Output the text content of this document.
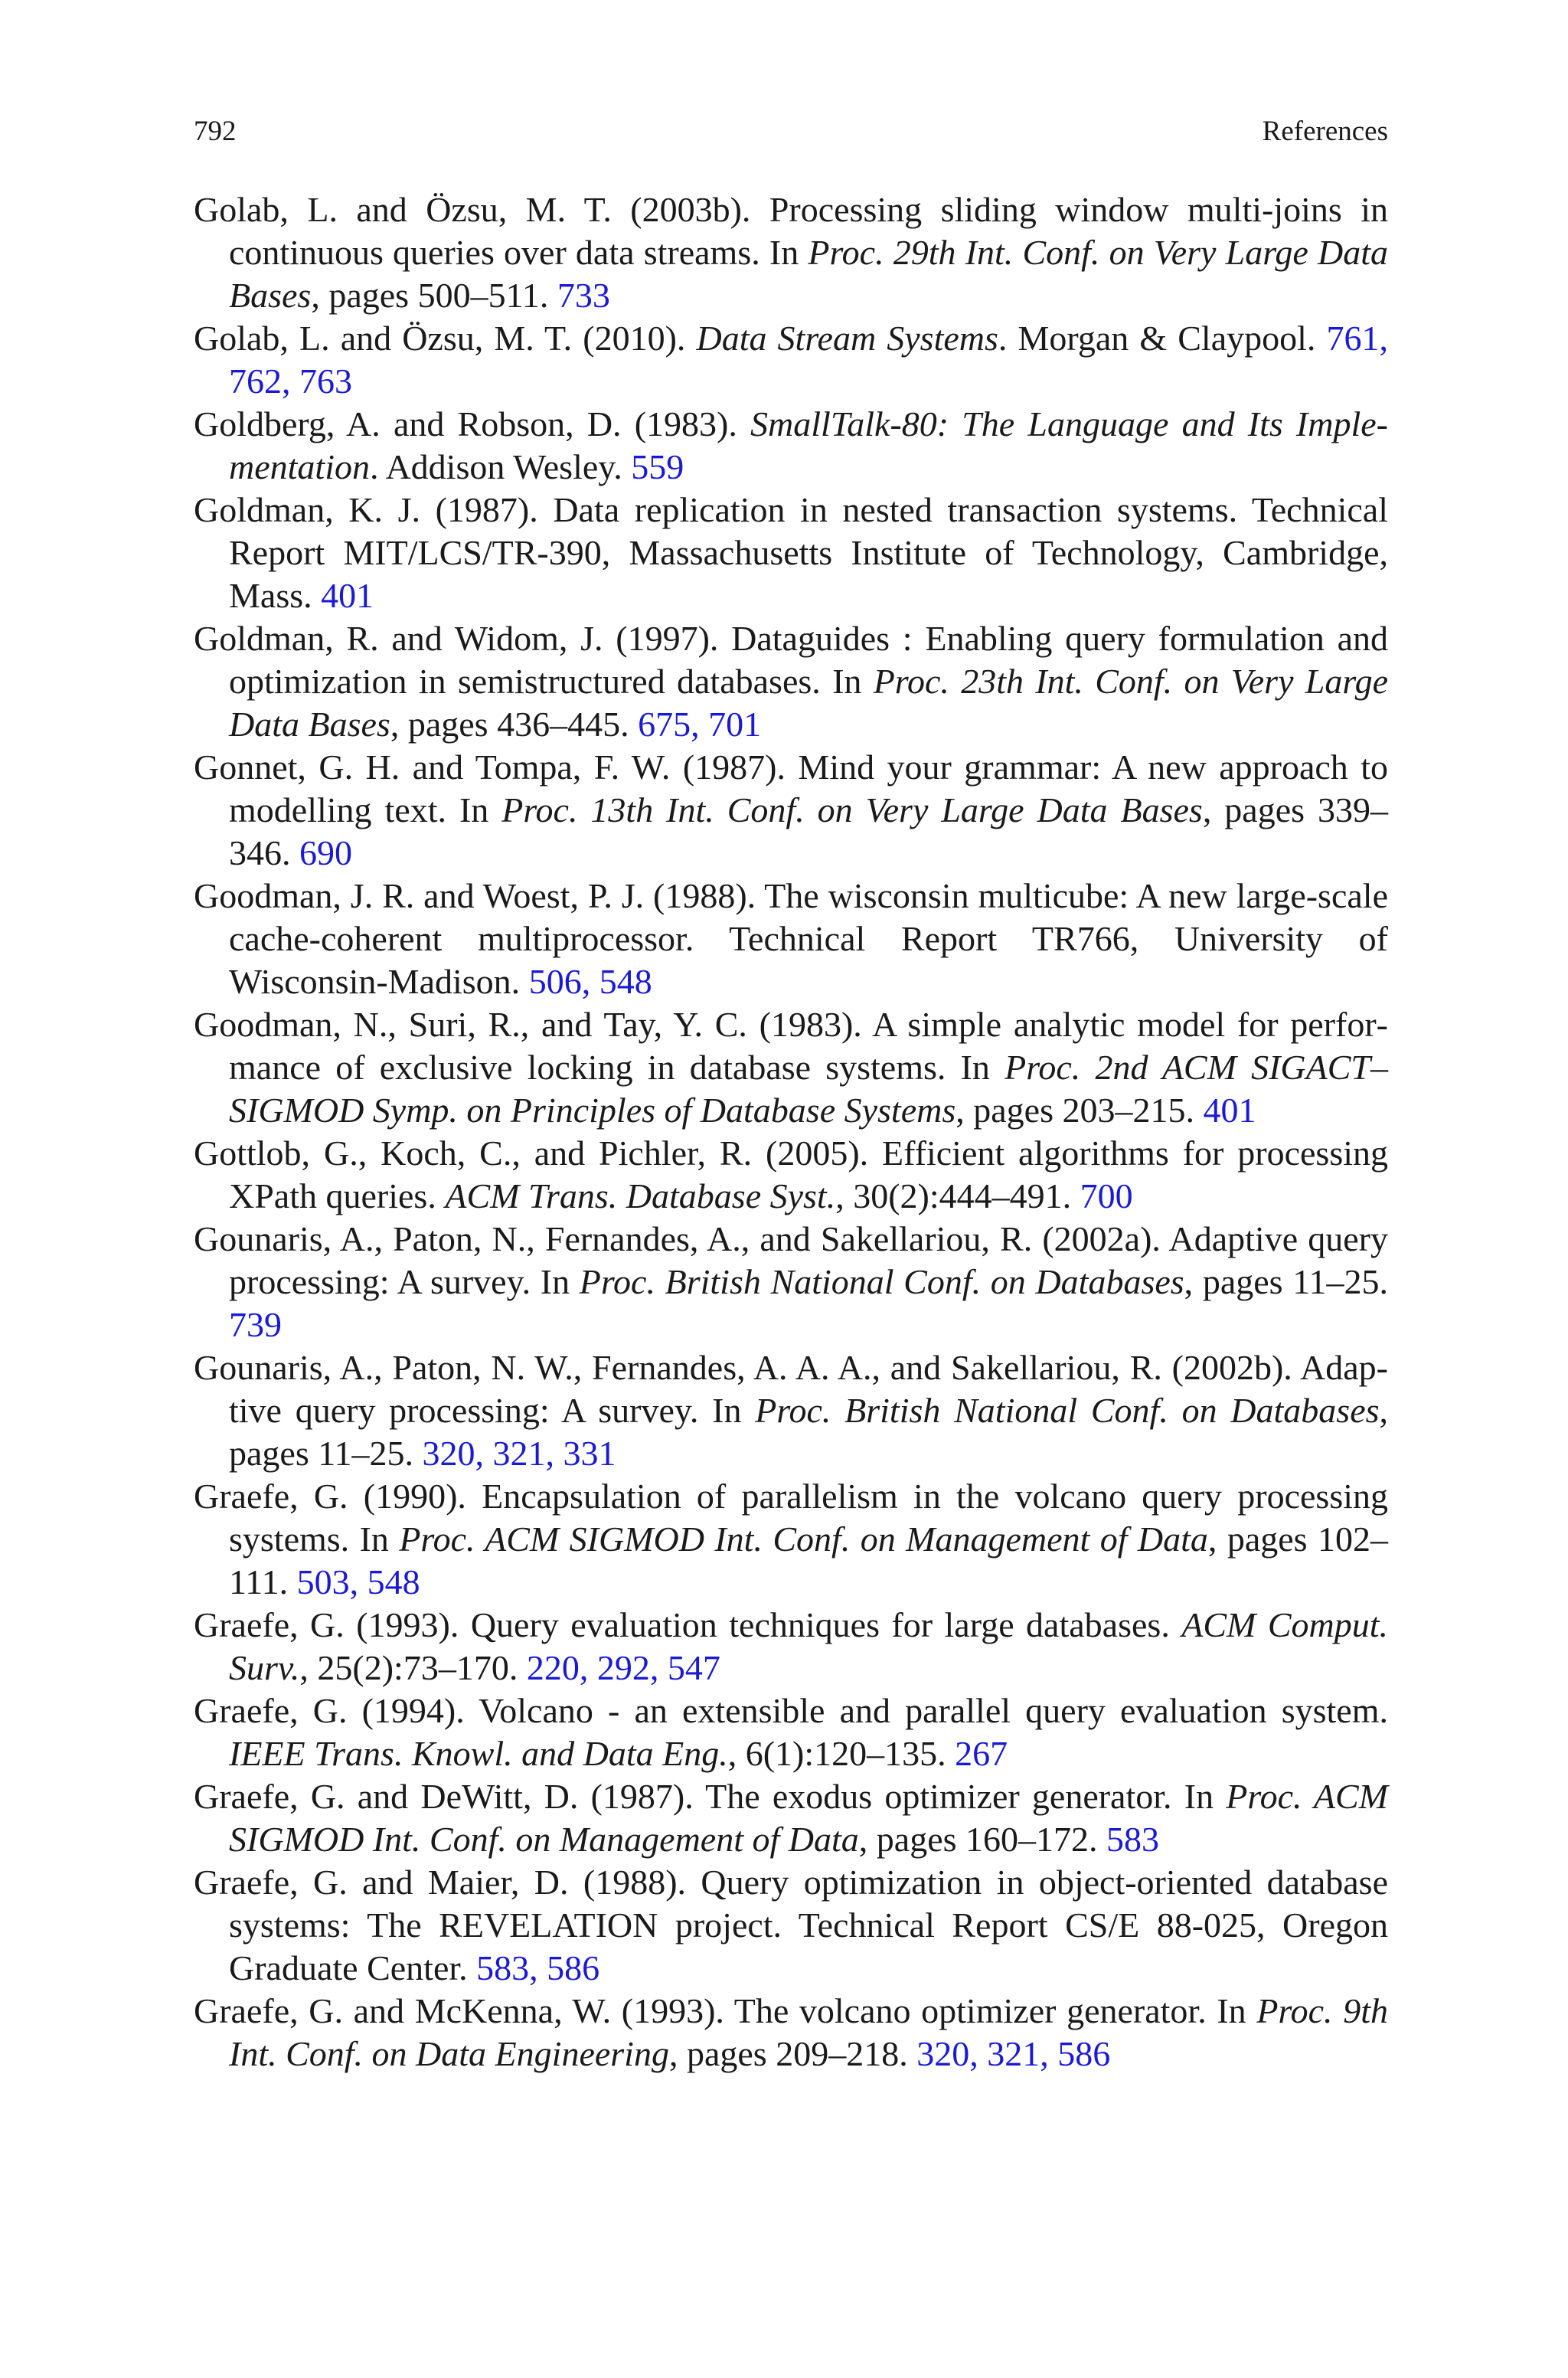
792	References
Golab, L. and Özsu, M. T. (2003b). Processing sliding window multi-joins in continuous queries over data streams. In Proc. 29th Int. Conf. on Very Large Data Bases, pages 500–511. 733
Golab, L. and Özsu, M. T. (2010). Data Stream Systems. Morgan & Claypool. 761, 762, 763
Goldberg, A. and Robson, D. (1983). SmallTalk-80: The Language and Its Implementation. Addison Wesley. 559
Goldman, K. J. (1987). Data replication in nested transaction systems. Technical Report MIT/LCS/TR-390, Massachusetts Institute of Technology, Cambridge, Mass. 401
Goldman, R. and Widom, J. (1997). Dataguides : Enabling query formulation and optimization in semistructured databases. In Proc. 23th Int. Conf. on Very Large Data Bases, pages 436–445. 675, 701
Gonnet, G. H. and Tompa, F. W. (1987). Mind your grammar: A new approach to modelling text. In Proc. 13th Int. Conf. on Very Large Data Bases, pages 339–346. 690
Goodman, J. R. and Woest, P. J. (1988). The wisconsin multicube: A new large-scale cache-coherent multiprocessor. Technical Report TR766, University of Wisconsin-Madison. 506, 548
Goodman, N., Suri, R., and Tay, Y. C. (1983). A simple analytic model for performance of exclusive locking in database systems. In Proc. 2nd ACM SIGACT–SIGMOD Symp. on Principles of Database Systems, pages 203–215. 401
Gottlob, G., Koch, C., and Pichler, R. (2005). Efficient algorithms for processing XPath queries. ACM Trans. Database Syst., 30(2):444–491. 700
Gounaris, A., Paton, N., Fernandes, A., and Sakellariou, R. (2002a). Adaptive query processing: A survey. In Proc. British National Conf. on Databases, pages 11–25. 739
Gounaris, A., Paton, N. W., Fernandes, A. A. A., and Sakellariou, R. (2002b). Adaptive query processing: A survey. In Proc. British National Conf. on Databases, pages 11–25. 320, 321, 331
Graefe, G. (1990). Encapsulation of parallelism in the volcano query processing systems. In Proc. ACM SIGMOD Int. Conf. on Management of Data, pages 102–111. 503, 548
Graefe, G. (1993). Query evaluation techniques for large databases. ACM Comput. Surv., 25(2):73–170. 220, 292, 547
Graefe, G. (1994). Volcano - an extensible and parallel query evaluation system. IEEE Trans. Knowl. and Data Eng., 6(1):120–135. 267
Graefe, G. and DeWitt, D. (1987). The exodus optimizer generator. In Proc. ACM SIGMOD Int. Conf. on Management of Data, pages 160–172. 583
Graefe, G. and Maier, D. (1988). Query optimization in object-oriented database systems: The REVELATION project. Technical Report CS/E 88-025, Oregon Graduate Center. 583, 586
Graefe, G. and McKenna, W. (1993). The volcano optimizer generator. In Proc. 9th Int. Conf. on Data Engineering, pages 209–218. 320, 321, 586
